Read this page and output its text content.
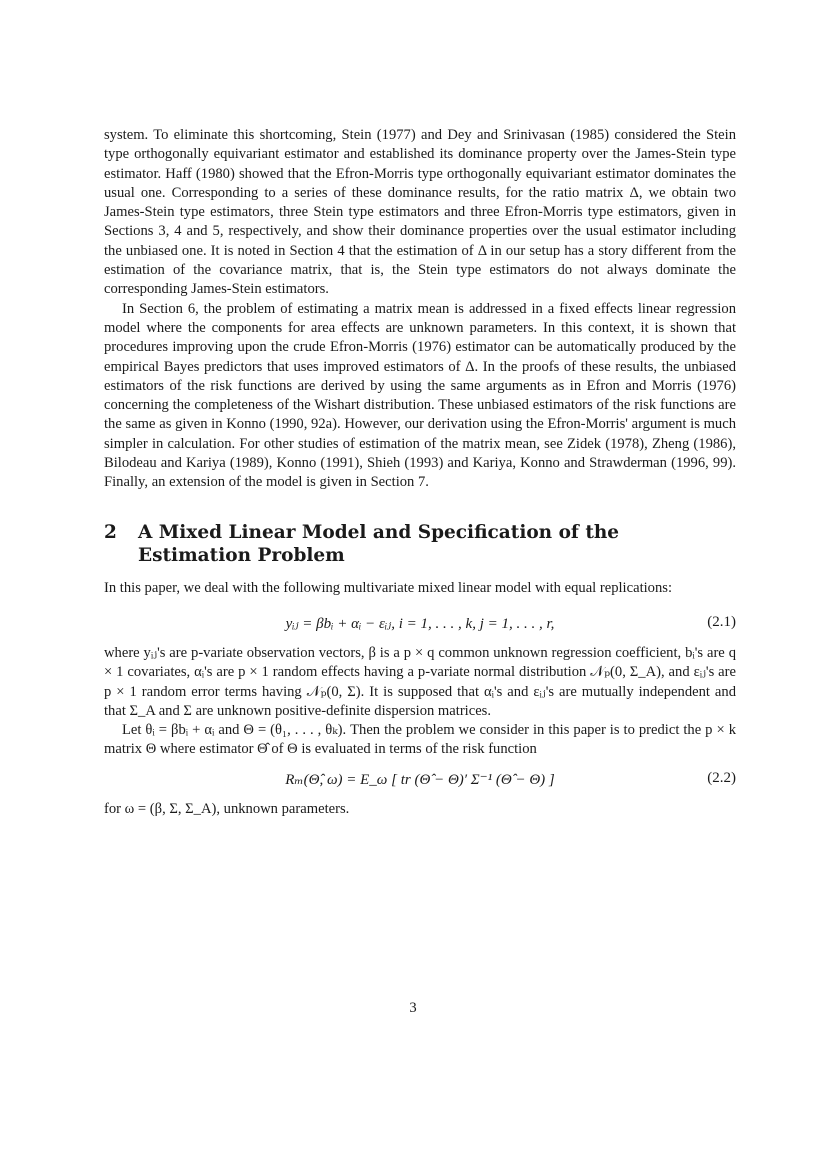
system. To eliminate this shortcoming, Stein (1977) and Dey and Srinivasan (1985) considered the Stein type orthogonally equivariant estimator and established its dominance property over the James-Stein type estimator. Haff (1980) showed that the Efron-Morris type orthogonally equivariant estimator dominates the usual one. Corresponding to a series of these dominance results, for the ratio matrix Δ, we obtain two James-Stein type estimators, three Stein type estimators and three Efron-Morris type estimators, given in Sections 3, 4 and 5, respectively, and show their dominance properties over the usual estimator including the unbiased one. It is noted in Section 4 that the estimation of Δ in our setup has a story different from the estimation of the covariance matrix, that is, the Stein type estimators do not always dominate the corresponding James-Stein estimators.

In Section 6, the problem of estimating a matrix mean is addressed in a fixed effects linear regression model where the components for area effects are unknown parameters. In this context, it is shown that procedures improving upon the crude Efron-Morris (1976) estimator can be automatically produced by the empirical Bayes predictors that uses improved estimators of Δ. In the proofs of these results, the unbiased estimators of the risk functions are derived by using the same arguments as in Efron and Morris (1976) concerning the completeness of the Wishart distribution. These unbiased estimators of the risk functions are the same as given in Konno (1990, 92a). However, our derivation using the Efron-Morris' argument is much simpler in calculation. For other studies of estimation of the matrix mean, see Zidek (1978), Zheng (1986), Bilodeau and Kariya (1989), Konno (1991), Shieh (1993) and Kariya, Konno and Strawderman (1996, 99). Finally, an extension of the model is given in Section 7.

2	A Mixed Linear Model and Specification of the Estimation Problem

In this paper, we deal with the following multivariate mixed linear model with equal replications:

yᵢⱼ = βbᵢ + αᵢ − εᵢⱼ, i = 1, . . . , k, j = 1, . . . , r,	(2.1)

where yᵢⱼ's are p-variate observation vectors, β is a p × q common unknown regression coefficient, bᵢ's are q × 1 covariates, αᵢ's are p × 1 random effects having a p-variate normal distribution 𝒩ₚ(0, Σ_A), and εᵢⱼ's are p × 1 random error terms having 𝒩ₚ(0, Σ). It is supposed that αᵢ's and εᵢⱼ's are mutually independent and that Σ_A and Σ are unknown positive-definite dispersion matrices.

Let θᵢ = βbᵢ + αᵢ and Θ = (θ₁, . . . , θₖ). Then the problem we consider in this paper is to predict the p × k matrix Θ where estimator Θ̂ of Θ is evaluated in terms of the risk function

Rₘ(Θ̂, ω) = E_ω [ tr (Θ̂ − Θ)′ Σ⁻¹ (Θ̂ − Θ) ]	(2.2)

for ω = (β, Σ, Σ_A), unknown parameters.

3
